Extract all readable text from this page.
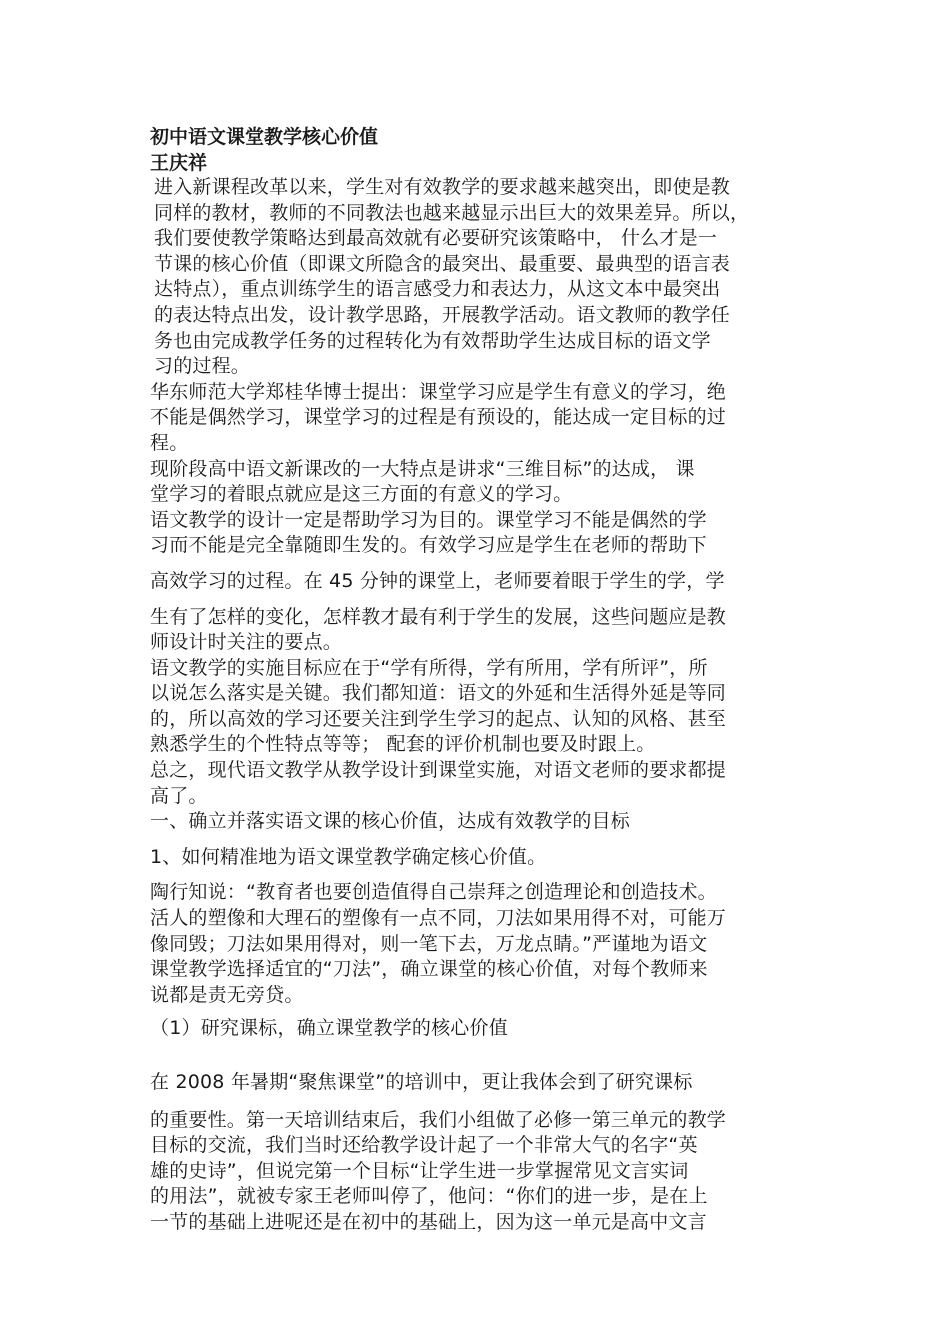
初中语文课堂教学核心价值
王庆祥
进入新课程改革以来，学生对有效教学的要求越来越突出，即使是教
同样的教材，教师的不同教法也越来越显示出巨大的效果差异。所以，
我们要使教学策略达到最高效就有必要研究该策略中， 什么才是一
节课的核心价值（即课文所隐含的最突出、最重要、最典型的语言表
达特点），重点训练学生的语言感受力和表达力，从这文本中最突出
的表达特点出发，设计教学思路，开展教学活动。语文教师的教学任
务也由完成教学任务的过程转化为有效帮助学生达成目标的语文学
习的过程。
华东师范大学郑桂华博士提出：课堂学习应是学生有意义的学习，绝
不能是偶然学习，课堂学习的过程是有预设的，能达成一定目标的过
程。
现阶段高中语文新课改的一大特点是讲求“三维目标”的达成， 课
堂学习的着眼点就应是这三方面的有意义的学习。
语文教学的设计一定是帮助学习为目的。课堂学习不能是偶然的学
习而不能是完全靠随即生发的。有效学习应是学生在老师的帮助下
高效学习的过程。在 45 分钟的课堂上，老师要着眼于学生的学，学
生有了怎样的变化，怎样教才最有利于学生的发展，这些问题应是教
师设计时关注的要点。
语文教学的实施目标应在于“学有所得，学有所用，学有所评”，所
以说怎么落实是关键。我们都知道：语文的外延和生活得外延是等同
的，所以高效的学习还要关注到学生学习的起点、认知的风格、甚至
熟悉学生的个性特点等等； 配套的评价机制也要及时跟上。
总之，现代语文教学从教学设计到课堂实施，对语文老师的要求都提
高了。
一、确立并落实语文课的核心价值，达成有效教学的目标
1、如何精准地为语文课堂教学确定核心价值。
陶行知说：“教育者也要创造值得自己崇拜之创造理论和创造技术。
活人的塑像和大理石的塑像有一点不同，刀法如果用得不对，可能万
像同毁；刀法如果用得对，则一笔下去，万龙点睛。”严谨地为语文
课堂教学选择适宜的“刀法”，确立课堂的核心价值，对每个教师来
说都是责无旁贷。
（1）研究课标，确立课堂教学的核心价值
在 2008 年暑期“聚焦课堂”的培训中，更让我体会到了研究课标
的重要性。第一天培训结束后，我们小组做了必修一第三单元的教学
目标的交流，我们当时还给教学设计起了一个非常大气的名字“英
雄的史诗”，但说完第一个目标“让学生进一步掌握常见文言实词
的用法”，就被专家王老师叫停了，他问：“你们的进一步，是在上
一节的基础上进呢还是在初中的基础上，因为这一单元是高中文言
